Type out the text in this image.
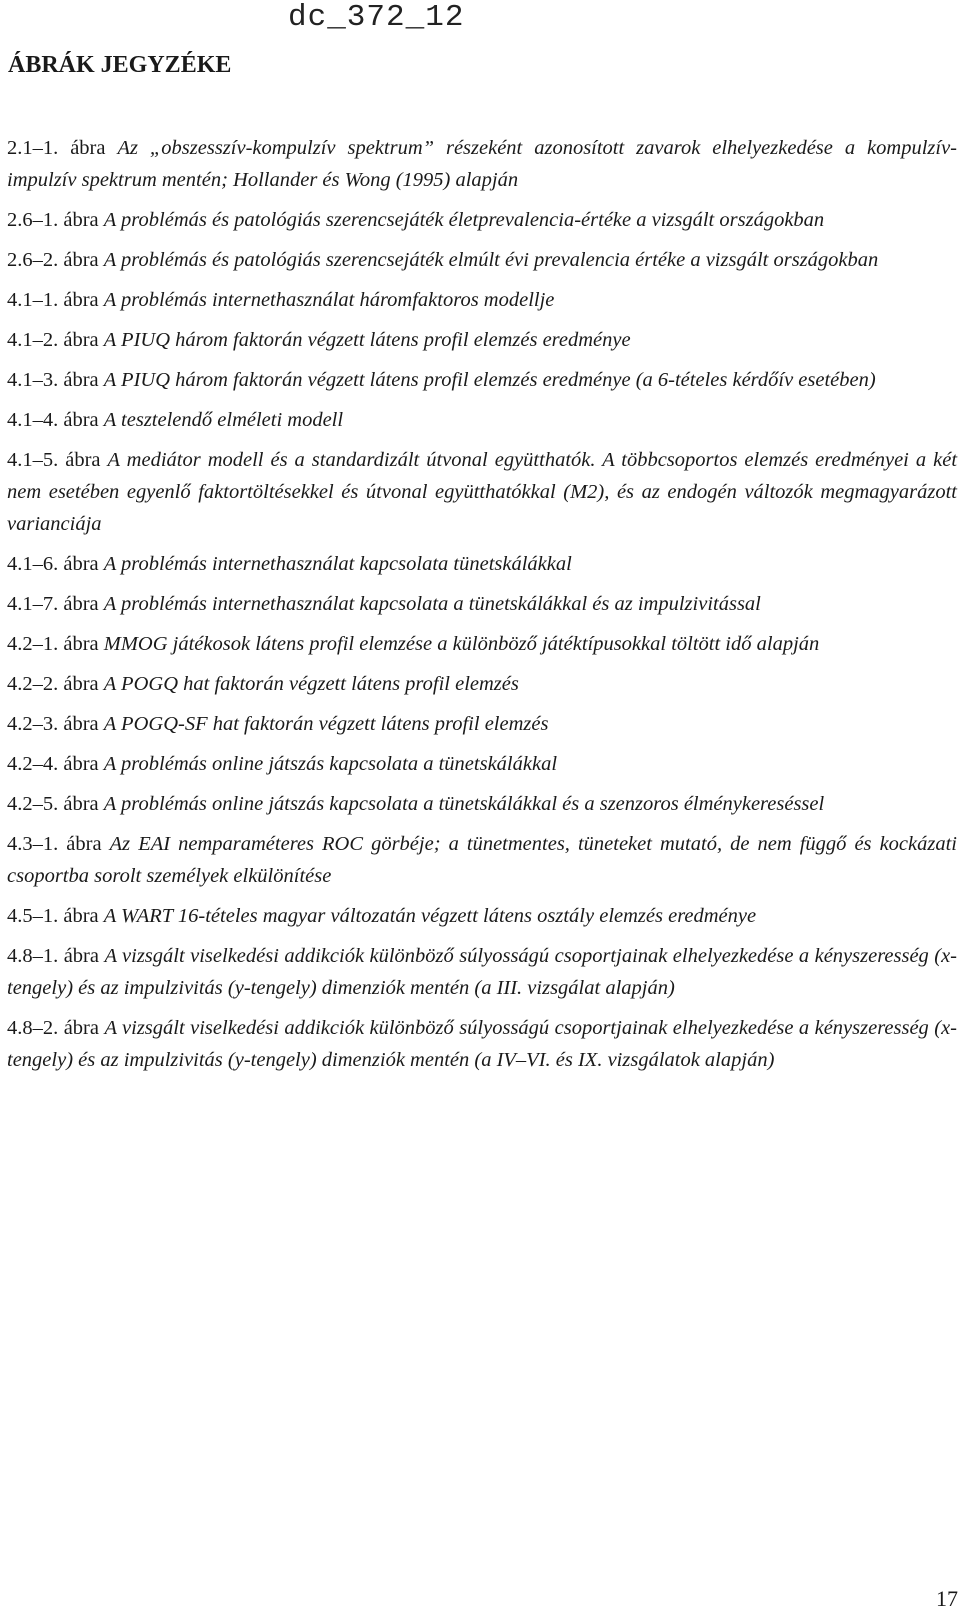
dc_372_12
ÁBRÁK JEGYZÉKE
2.1–1. ábra Az „obszesszív-kompulzív spektrum” részeként azonosított zavarok elhelyezkedése a kompulzív-impulzív spektrum mentén; Hollander és Wong (1995) alapján
2.6–1. ábra A problémás és patológiás szerencsejáték életprevalencia-értéke a vizsgált országokban
2.6–2. ábra A problémás és patológiás szerencsejáték elmúlt évi prevalencia értéke a vizsgált országokban
4.1–1. ábra A problémás internethasználat háromfaktoros modellje
4.1–2. ábra A PIUQ három faktorán végzett látens profil elemzés eredménye
4.1–3. ábra A PIUQ három faktorán végzett látens profil elemzés eredménye (a 6-tételes kérdőív esetében)
4.1–4. ábra A tesztelendő elméleti modell
4.1–5. ábra A mediátor modell és a standardizált útvonal együtthatók. A többcsoportos elemzés eredményei a két nem esetében egyenlő faktortöltésekkel és útvonal együtthatókkal (M2), és az endogén változók megmagyarázott varianciája
4.1–6. ábra A problémás internethasználat kapcsolata tünetskálákkal
4.1–7. ábra A problémás internethasználat kapcsolata a tünetskálákkal és az impulzivitással
4.2–1. ábra MMOG játékosok látens profil elemzése a különböző játéktípusokkal töltött idő alapján
4.2–2. ábra A POGQ hat faktorán végzett látens profil elemzés
4.2–3. ábra A POGQ-SF hat faktorán végzett látens profil elemzés
4.2–4. ábra A problémás online játszás kapcsolata a tünetskálákkal
4.2–5. ábra A problémás online játszás kapcsolata a tünetskálákkal és a szenzoros élménykereséssel
4.3–1. ábra Az EAI nemparaméteres ROC görbéje; a tünetmentes, tüneteket mutató, de nem függő és kockázati csoportba sorolt személyek elkülönítése
4.5–1. ábra A WART 16-tételes magyar változatán végzett látens osztály elemzés eredménye
4.8–1. ábra A vizsgált viselkedési addikciók különböző súlyosságú csoportjainak elhelyezkedése a kényszeresség (x-tengely) és az impulzivitás (y-tengely) dimenziók mentén (a III. vizsgálat alapján)
4.8–2. ábra A vizsgált viselkedési addikciók különböző súlyosságú csoportjainak elhelyezkedése a kényszeresség (x-tengely) és az impulzivitás (y-tengely) dimenziók mentén (a IV–VI. és IX. vizsgálatok alapján)
17
